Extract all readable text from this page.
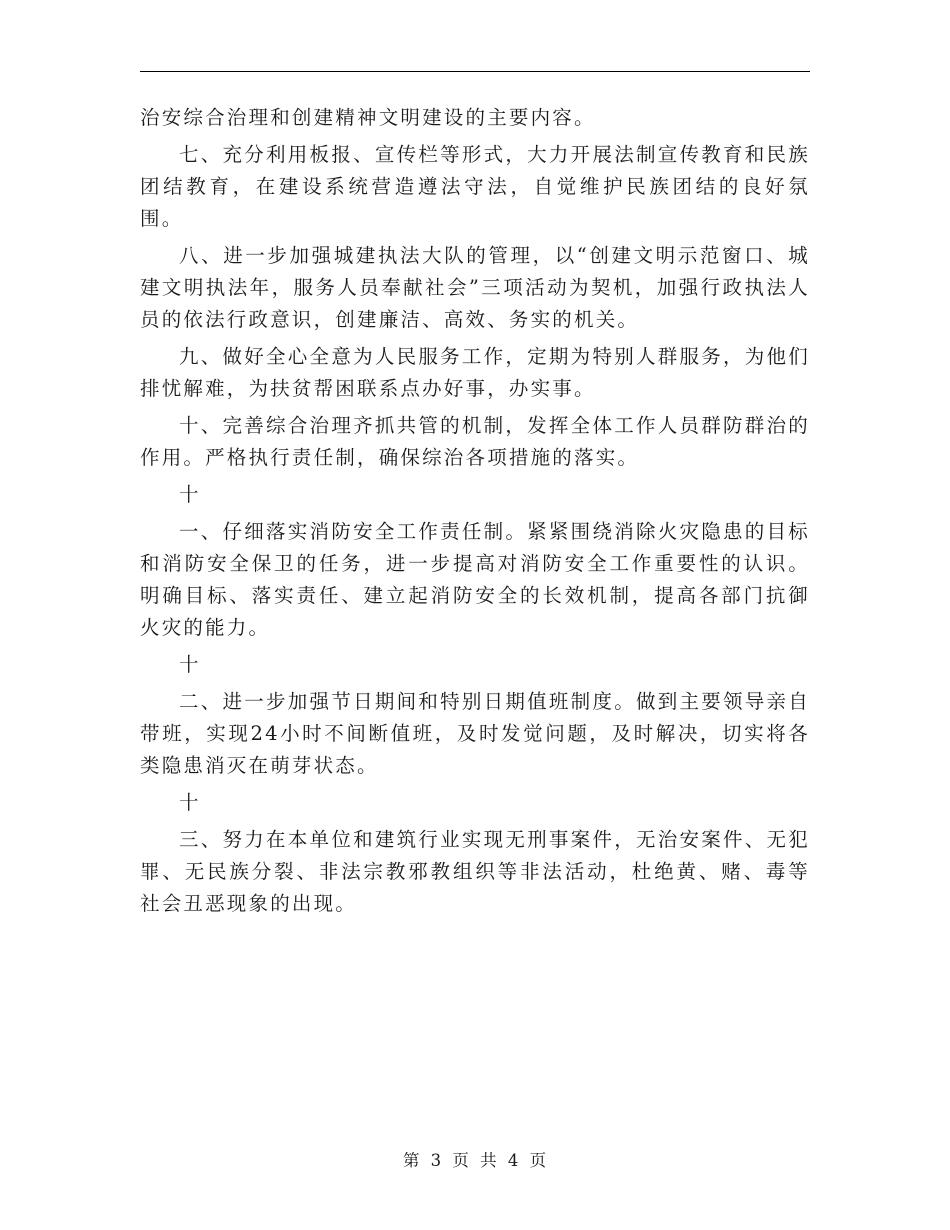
治安综合治理和创建精神文明建设的主要内容。

七、充分利用板报、宣传栏等形式，大力开展法制宣传教育和民族团结教育，在建设系统营造遵法守法，自觉维护民族团结的良好氛围。

八、进一步加强城建执法大队的管理，以“创建文明示范窗口、城建文明执法年，服务人员奉献社会”三项活动为契机，加强行政执法人员的依法行政意识，创建廉洁、高效、务实的机关。

九、做好全心全意为人民服务工作，定期为特别人群服务，为他们排忧解难，为扶贫帮困联系点办好事，办实事。

十、完善综合治理齐抓共管的机制，发挥全体工作人员群防群治的作用。严格执行责任制，确保综治各项措施的落实。

十

一、仔细落实消防安全工作责任制。紧紧围绕消除火灾隐患的目标和消防安全保卫的任务，进一步提高对消防安全工作重要性的认识。明确目标、落实责任、建立起消防安全的长效机制，提高各部门抗御火灾的能力。

十

二、进一步加强节日期间和特别日期值班制度。做到主要领导亲自带班，实现24小时不间断值班，及时发觉问题，及时解决，切实将各类隐患消灭在萌芽状态。

十

三、努力在本单位和建筑行业实现无刑事案件，无治安案件、无犯罪、无民族分裂、非法宗教邪教组织等非法活动，杜绝黄、赌、毒等社会丑恶现象的出现。

第 3 页 共 4 页
